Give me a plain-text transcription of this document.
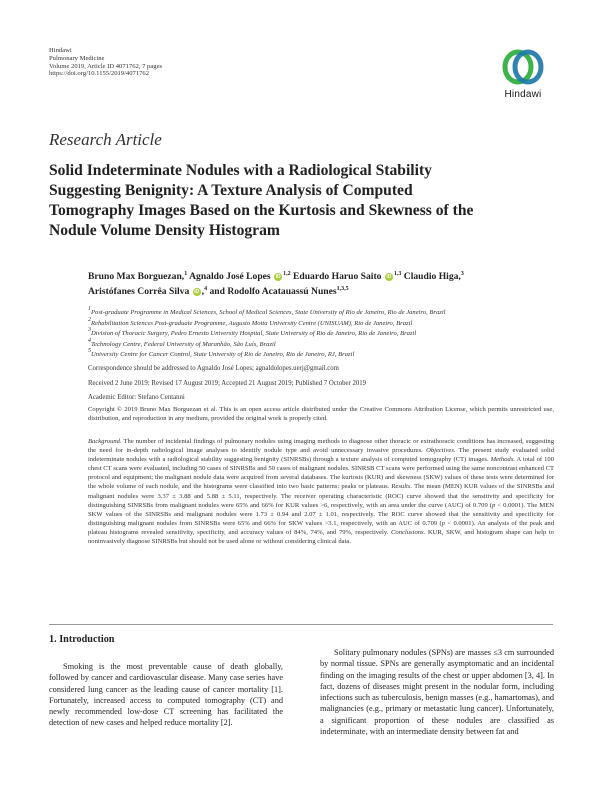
Hindawi
Pulmonary Medicine
Volume 2019, Article ID 4071762, 7 pages
https://doi.org/10.1155/2019/4071762
Hindawi
Research Article
Solid Indeterminate Nodules with a Radiological Stability
Suggesting Benignity: A Texture Analysis of Computed
Tomography Images Based on the Kurtosis and Skewness of the
Nodule Volume Density Histogram
Bruno Max Borguezan,$^1$ Agnaldo José Lopes iD $^{1,2}$ Eduardo Haruo Saito iD $^{1,3}$ Claudio Higa,$^3$
Aristófanes Corrêa Silva iD ,$^4$ and Rodolfo Acatauassú Nunes$^{1,3,5}$
$^1$Post-graduate Programme in Medical Sciences, School of Medical Sciences, State University of Rio de Janeiro, Rio de Janeiro, Brazil
$^2$Rehabilitation Sciences Post-graduate Programme, Augusto Motta University Centre (UNISUAM), Rio de Janeiro, Brazil
$^3$Division of Thoracic Surgery, Pedro Ernesto University Hospital, State University of Rio de Janeiro, Rio de Janeiro, Brazil
$^4$Technology Centre, Federal University of Maranhão, São Luís, Brazil
$^5$University Centre for Cancer Control, State University of Rio de Janeiro, Rio de Janeiro, RJ, Brazil
Correspondence should be addressed to Agnaldo José Lopes; agnaldolopes.uerj@gmail.com
Received 2 June 2019; Revised 17 August 2019; Accepted 21 August 2019; Published 7 October 2019
Academic Editor: Stefano Centanni
Copyright © 2019 Bruno Max Borguezan et al. This is an open access article distributed under the Creative Commons Attribution License, which permits unrestricted use, distribution, and reproduction in any medium, provided the original work is properly cited.
Background. The number of incidental findings of pulmonary nodules using imaging methods to diagnose other thoracic or extrathoracic conditions has increased, suggesting the need for in-depth radiological image analyses to identify nodule type and avoid unnecessary invasive procedures. Objectives. The present study evaluated solid indeterminate nodules with a radiological stability suggesting benignity (SINRSBs) through a texture analysis of computed tomography (CT) images. Methods. A total of 100 chest CT scans were evaluated, including 50 cases of SINRSBs and 50 cases of malignant nodules. SINRSB CT scans were performed using the same noncontrast enhanced CT protocol and equipment; the malignant nodule data were acquired from several databases. The kurtosis (KUR) and skewness (SKW) values of these tests were determined for the whole volume of each nodule, and the histograms were classified into two basic patterns: peaks or plateaus. Results. The mean (MEN) KUR values of the SINRSBs and malignant nodules were 3.37 ± 3.88 and 5.88 ± 5.11, respectively. The receiver operating characteristic (ROC) curve showed that the sensitivity and specificity for distinguishing SINRSBs from malignant nodules were 65% and 66% for KUR values >6, respectively, with an area under the curve (AUC) of 0.709 (p < 0.0001). The MEN SKW values of the SINRSBs and malignant nodules were 1.73 ± 0.94 and 2.07 ± 1.01, respectively. The ROC curve showed that the sensitivity and specificity for distinguishing malignant nodules from SINRSBs were 65% and 66% for SKW values >3.1, respectively, with an AUC of 0.709 (p < 0.0001). An analysis of the peak and plateau histograms revealed sensitivity, specificity, and accuracy values of 84%, 74%, and 79%, respectively. Conclusions. KUR, SKW, and histogram shape can help to noninvasively diagnose SINRSBs but should not be used alone or without considering clinical data.
1. Introduction

Smoking is the most preventable cause of death globally, followed by cancer and cardiovascular disease. Many case series have considered lung cancer as the leading cause of cancer mortality [1]. Fortunately, increased access to computed tomography (CT) and newly recommended low-dose CT screening has facilitated the detection of new cases and helped reduce mortality [2].

Solitary pulmonary nodules (SPNs) are masses ≤3 cm surrounded by normal tissue. SPNs are generally asymptomatic and an incidental finding on the imaging results of the chest or upper abdomen [3, 4]. In fact, dozens of diseases might present in the nodular form, including infections such as tuberculosis, benign masses (e.g., hamartomas), and malignancies (e.g., primary or metastatic lung cancer). Unfortunately, a significant proportion of these nodules are classified as indeterminate, with an intermediate density between fat and
